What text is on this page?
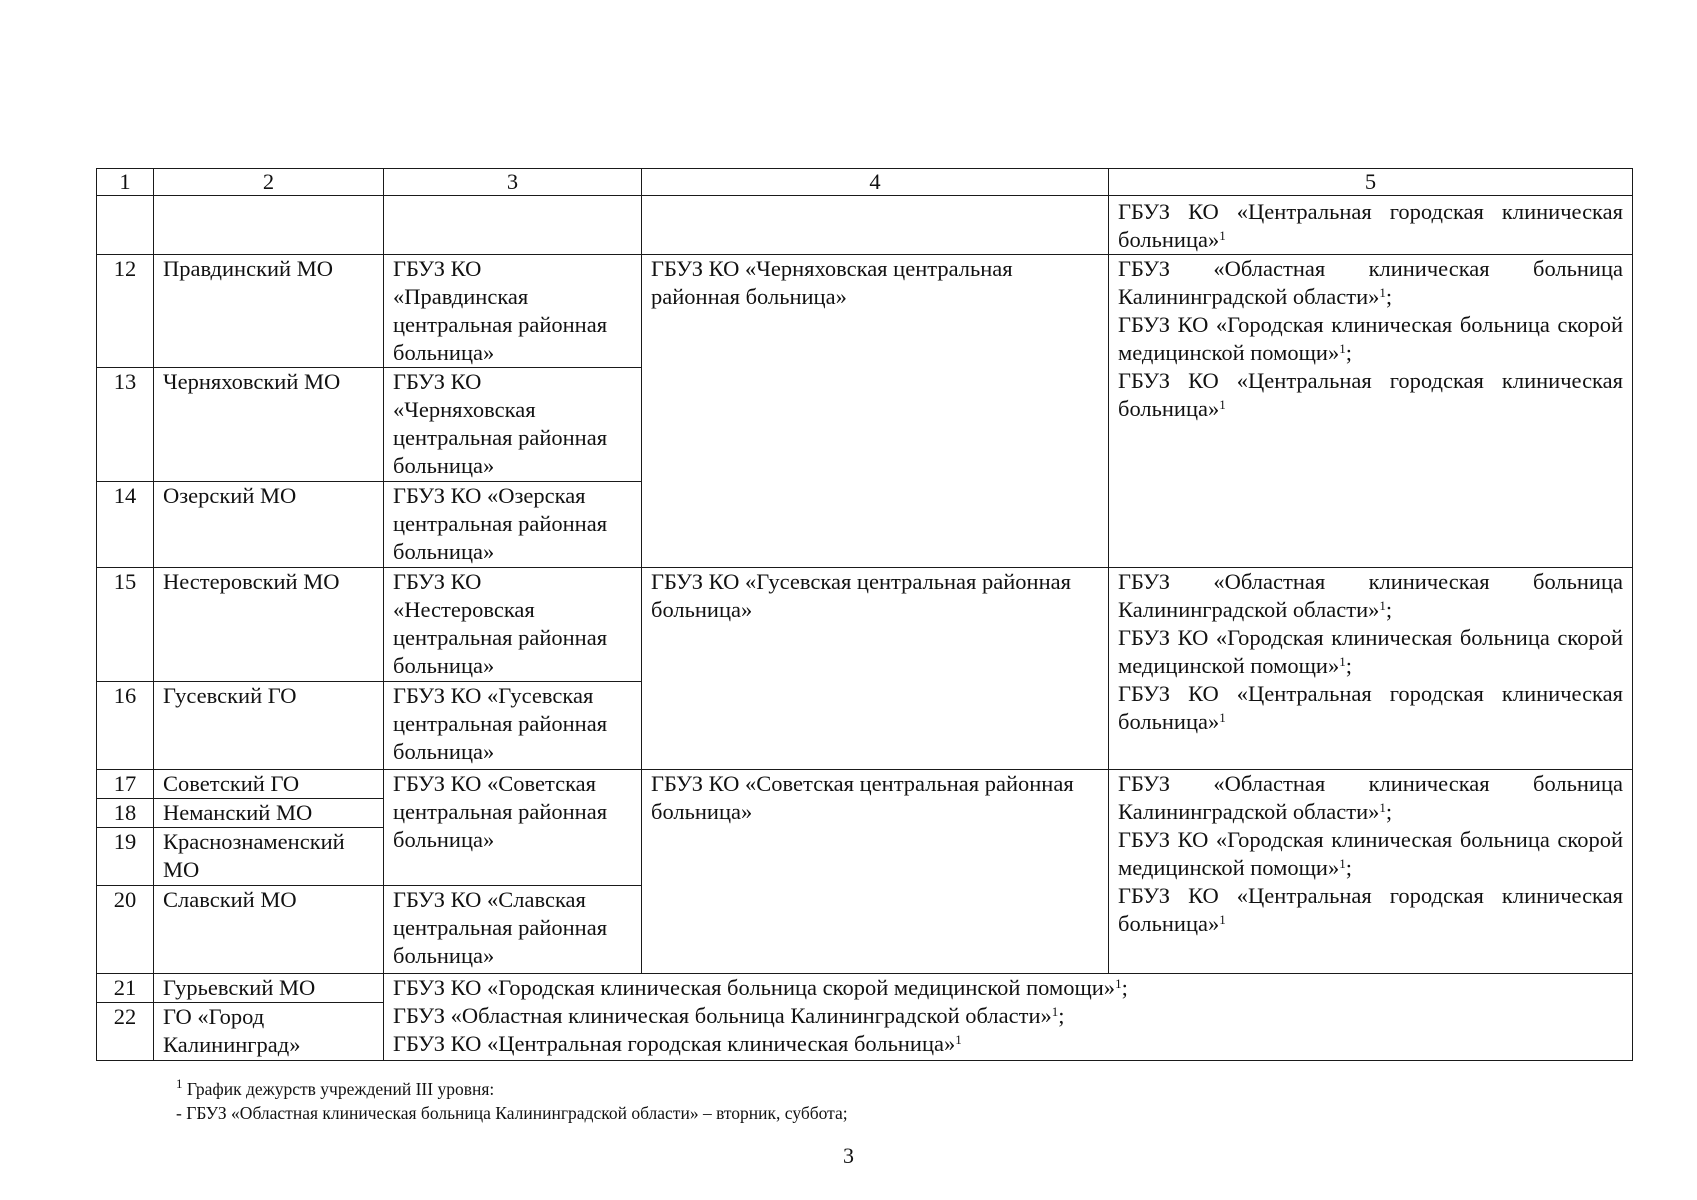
1	2	3	4	5

				ГБУЗ КО «Центральная городская клиническая больница»$^1$

12	Правдинский МО	ГБУЗ КО
«Правдинская
центральная районная
больница»	ГБУЗ КО «Черняховская центральная районная больница»	ГБУЗ «Областная клиническая больница Калининградской области»$^1$;
ГБУЗ КО «Городская клиническая больница скорой медицинской помощи»$^1$;
ГБУЗ КО «Центральная городская клиническая больница»$^1$

13	Черняховский МО	ГБУЗ КО
«Черняховская
центральная районная
больница»		

14	Озерский МО	ГБУЗ КО «Озерская
центральная районная
больница»		

15	Нестеровский МО	ГБУЗ КО
«Нестеровская
центральная районная
больница»	ГБУЗ КО «Гусевская центральная районная больница»	ГБУЗ «Областная клиническая больница Калининградской области»$^1$;
ГБУЗ КО «Городская клиническая больница скорой медицинской помощи»$^1$;
ГБУЗ КО «Центральная городская клиническая больница»$^1$

16	Гусевский ГО	ГБУЗ КО «Гусевская
центральная районная
больница»		

17	Советский ГО	ГБУЗ КО «Советская
центральная районная
больница»	ГБУЗ КО «Советская центральная районная больница»	ГБУЗ «Областная клиническая больница Калининградской области»$^1$;
ГБУЗ КО «Городская клиническая больница скорой медицинской помощи»$^1$;
ГБУЗ КО «Центральная городская клиническая больница»$^1$

18	Неманский МО			
19	Краснознаменский МО			
20	Славский МО	ГБУЗ КО «Славская
центральная районная
больница»		

21	Гурьевский МО	ГБУЗ КО «Городская клиническая больница скорой медицинской помощи»$^1$;
ГБУЗ «Областная клиническая больница Калининградской области»$^1$;
ГБУЗ КО «Центральная городская клиническая больница»$^1$

22	ГО «Город Калининград»			
$^1$ График дежурств учреждений III уровня:
- ГБУЗ «Областная клиническая больница Калининградской области» – вторник, суббота;
3
